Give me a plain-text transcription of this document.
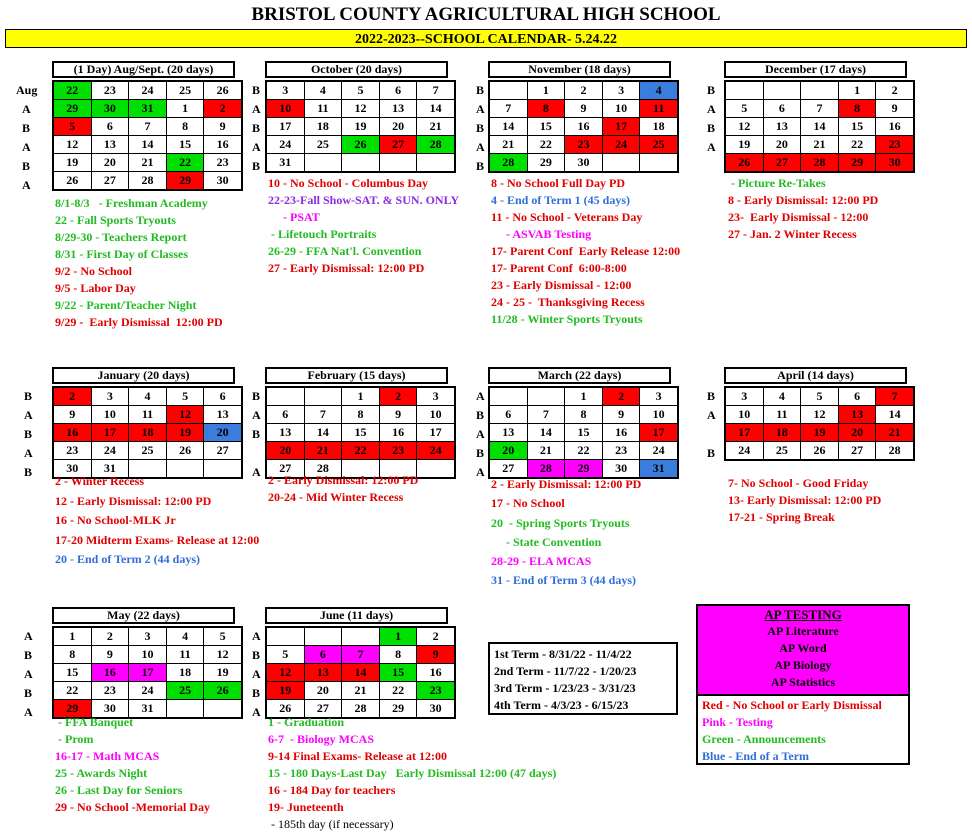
BRISTOL COUNTY AGRICULTURAL HIGH SCHOOL
2022-2023--SCHOOL CALENDAR- 5.24.22
A
B
A
B
A
(1 Day) Aug/Sept. (20 days)
22	23	24	25	26
29	30	31	1	2
5	6	7	8	9
12	13	14	15	16
19	20	21	22	23
26	27	28	29	30
Aug
8/1-8/3   - Freshman Academy
22 - Fall Sports Tryouts
8/29-30 - Teachers Report
8/31 - First Day of Classes
9/2 - No School
9/5 - Labor Day
9/22 - Parent/Teacher Night
9/29 -  Early Dismissal  12:00 PD
B
A
B
A
B
October (20 days)
3	4	5	6	7
10	11	12	13	14
17	18	19	20	21
24	25	26	27	28
31				
10 - No School - Columbus Day
22-23-Fall Show-SAT. & SUN. ONLY
- PSAT
- Lifetouch Portraits
26-29 - FFA Nat'l. Convention
27 - Early Dismissal: 12:00 PD
B
A
B
A
B
November (18 days)
	1	2	3	4
7	8	9	10	11
14	15	16	17	18
21	22	23	24	25
28	29	30		
8 - No School Full Day PD
4 - End of Term 1 (45 days)
11 - No School - Veterans Day
- ASVAB Testing
17- Parent Conf  Early Release 12:00
17- Parent Conf  6:00-8:00
23 - Early Dismissal - 12:00
24 - 25 -  Thanksgiving Recess
11/28 - Winter Sports Tryouts
B
A
B
A
December (17 days)
			1	2
5	6	7	8	9
12	13	14	15	16
19	20	21	22	23
26	27	28	29	30
- Picture Re-Takes
8 - Early Dismissal: 12:00 PD
23-  Early Dismissal - 12:00
27 - Jan. 2 Winter Recess
B
A
B
A
B
January (20 days)
2	3	4	5	6
9	10	11	12	13
16	17	18	19	20
23	24	25	26	27
30	31			
2 - Winter Recess
12 - Early Dismissal: 12:00 PD
16 - No School-MLK Jr
17-20 Midterm Exams- Release at 12:00
20 - End of Term 2 (44 days)
B
A
B
A
February (15 days)
		1	2	3
6	7	8	9	10
13	14	15	16	17
20	21	22	23	24
27	28			
2 - Early Dismissal: 12:00 PD
20-24 - Mid Winter Recess
A
B
A
B
A
March (22 days)
		1	2	3
6	7	8	9	10
13	14	15	16	17
20	21	22	23	24
27	28	29	30	31
2 - Early Dismissal: 12:00 PD
17 - No School
20  - Spring Sports Tryouts
- State Convention
28-29 - ELA MCAS
31 - End of Term 3 (44 days)
B
A
B
April (14 days)
3	4	5	6	7
10	11	12	13	14
17	18	19	20	21
24	25	26	27	28
7- No School - Good Friday
13- Early Dismissal: 12:00 PD
17-21 - Spring Break
A
B
A
B
A
May (22 days)
1	2	3	4	5
8	9	10	11	12
15	16	17	18	19
22	23	24	25	26
29	30	31		
- FFA Banquet
- Prom
16-17 - Math MCAS
25 - Awards Night
26 - Last Day for Seniors
29 - No School -Memorial Day
A
B
A
B
A
June (11 days)
			1	2
5	6	7	8	9
12	13	14	15	16
19	20	21	22	23
26	27	28	29	30
1 - Graduation
6-7  - Biology MCAS
9-14 Final Exams- Release at 12:00
15 - 180 Days-Last Day   Early Dismissal 12:00 (47 days)
16 - 184 Day for teachers
19- Juneteenth
- 185th day (if necessary)
1st Term - 8/31/22 - 11/4/22
2nd Term - 11/7/22 - 1/20/23
3rd Term - 1/23/23 - 3/31/23
4th Term - 4/3/23 - 6/15/23
AP TESTING
AP Literature
AP Word
AP Biology
AP Statistics
Red - No School or Early Dismissal
Pink - Testing
Green - Announcements
Blue - End of a Term
